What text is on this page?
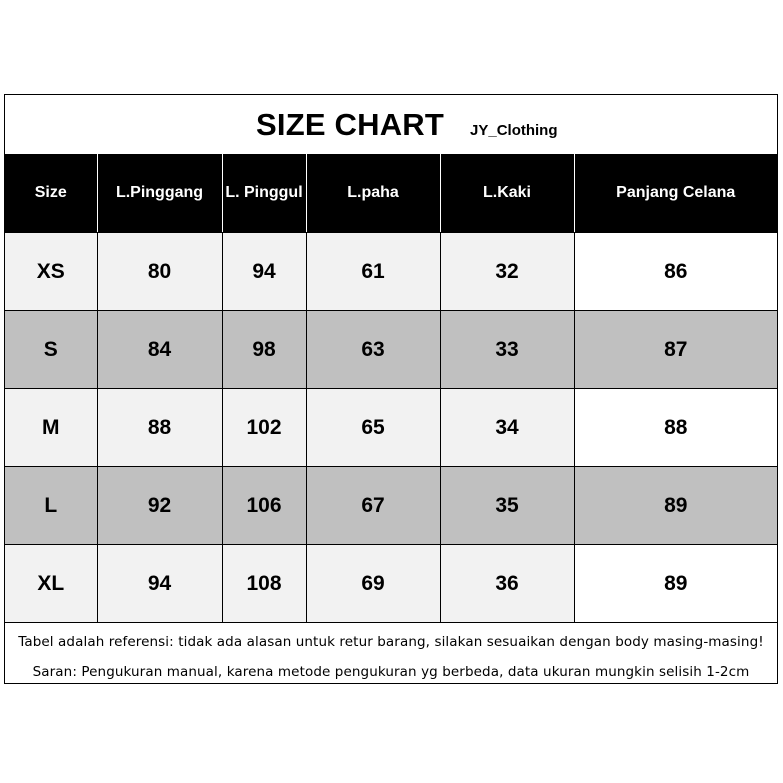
SIZE CHART JY_Clothing
Size	L.Pinggang	L. Pinggul	L.paha	L.Kaki	Panjang Celana
XS	80	94	61	32	86
S	84	98	63	33	87
M	88	102	65	34	88
L	92	106	67	35	89
XL	94	108	69	36	89
Tabel adalah referensi: tidak ada alasan untuk retur barang, silakan sesuaikan dengan body masing-masing!
Saran: Pengukuran manual, karena metode pengukuran yg berbeda, data ukuran mungkin selisih 1-2cm
